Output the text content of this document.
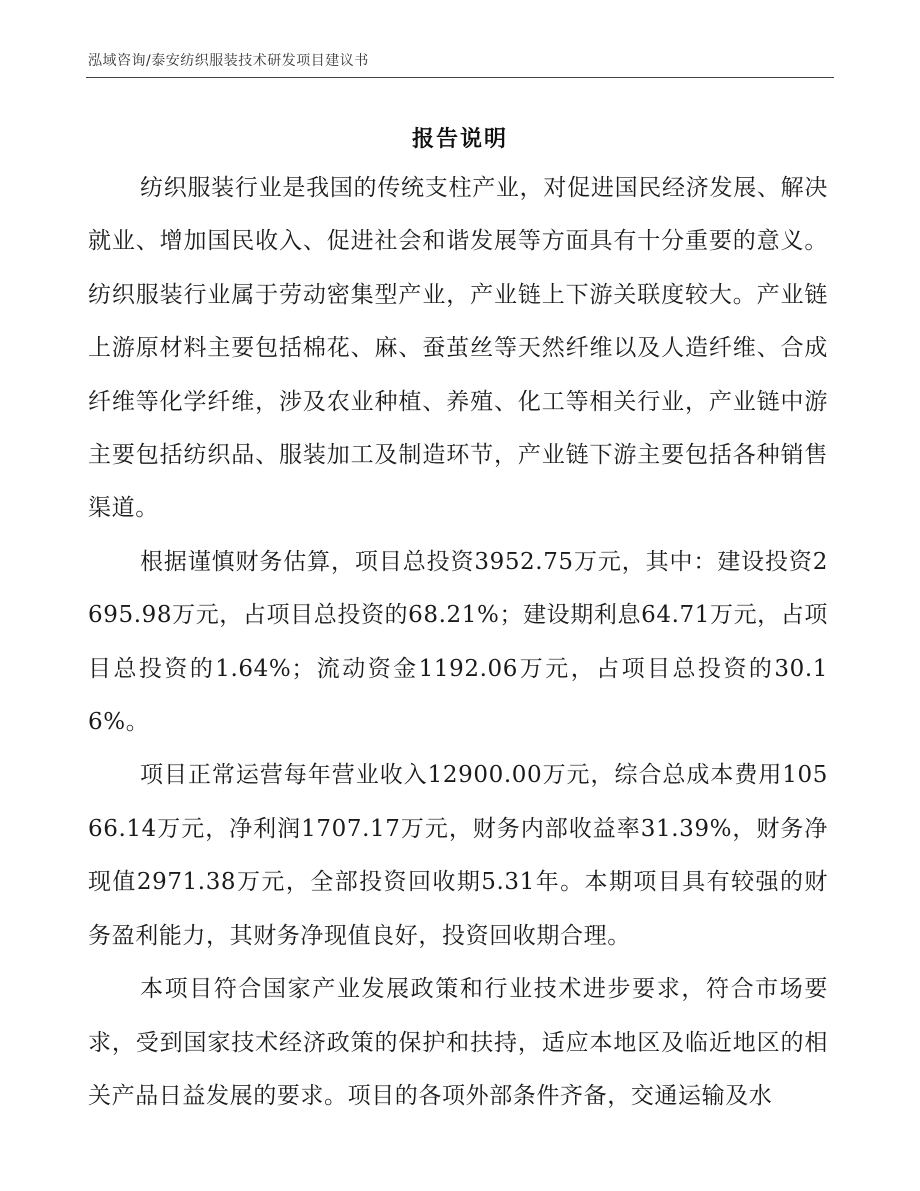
泓域咨询/泰安纺织服装技术研发项目建议书
报告说明

纺织服装行业是我国的传统支柱产业，对促进国民经济发展、解决就业、增加国民收入、促进社会和谐发展等方面具有十分重要的意义。纺织服装行业属于劳动密集型产业，产业链上下游关联度较大。产业链上游原材料主要包括棉花、麻、蚕茧丝等天然纤维以及人造纤维、合成纤维等化学纤维，涉及农业种植、养殖、化工等相关行业，产业链中游主要包括纺织品、服装加工及制造环节，产业链下游主要包括各种销售渠道。

根据谨慎财务估算，项目总投资3952.75万元，其中：建设投资2695.98万元，占项目总投资的68.21%；建设期利息64.71万元，占项目总投资的1.64%；流动资金1192.06万元，占项目总投资的30.16%。

项目正常运营每年营业收入12900.00万元，综合总成本费用10566.14万元，净利润1707.17万元，财务内部收益率31.39%，财务净现值2971.38万元，全部投资回收期5.31年。本期项目具有较强的财务盈利能力，其财务净现值良好，投资回收期合理。

本项目符合国家产业发展政策和行业技术进步要求，符合市场要求，受到国家技术经济政策的保护和扶持，适应本地区及临近地区的相关产品日益发展的要求。项目的各项外部条件齐备，交通运输及水
